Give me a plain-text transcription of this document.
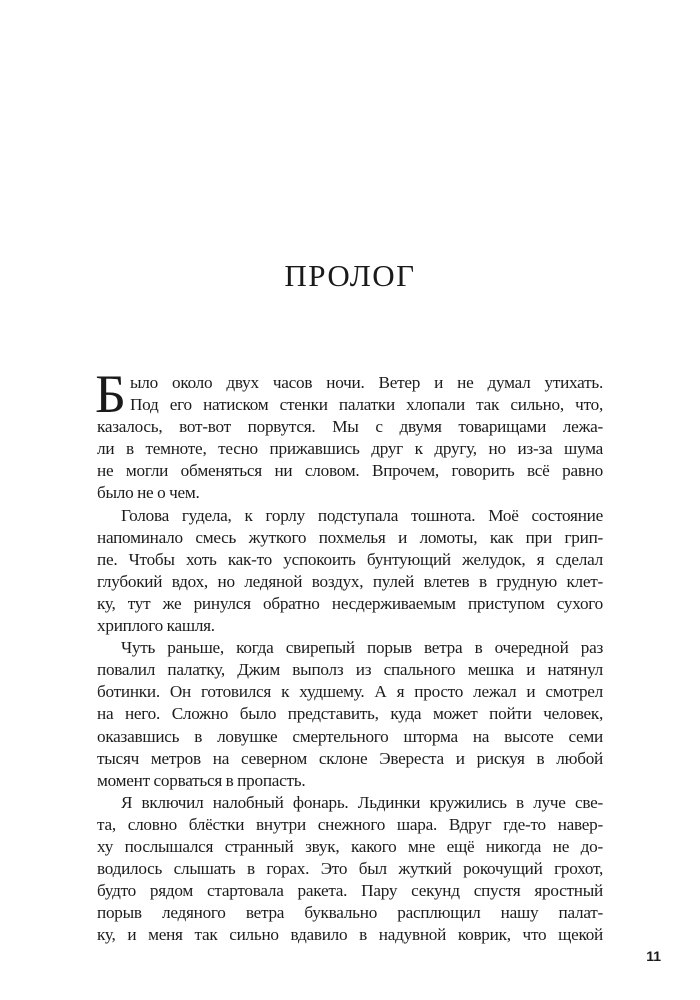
ПРОЛОГ
Б ыло около двух часов ночи. Ветер и не думал утихать.
Под его натиском стенки палатки хлопали так сильно, что,
казалось, вот-вот порвутся. Мы с двумя товарищами лежа-
ли в темноте, тесно прижавшись друг к другу, но из-за шума
не могли обменяться ни словом. Впрочем, говорить всё равно
было не о чем.
Голова гудела, к горлу подступала тошнота. Моё состояние
напоминало смесь жуткого похмелья и ломоты, как при грип-
пе. Чтобы хоть как-то успокоить бунтующий желудок, я сделал
глубокий вдох, но ледяной воздух, пулей влетев в грудную клет-
ку, тут же ринулся обратно несдерживаемым приступом сухого
хриплого кашля.
Чуть раньше, когда свирепый порыв ветра в очередной раз
повалил палатку, Джим выполз из спального мешка и натянул
ботинки. Он готовился к худшему. А я просто лежал и смотрел
на него. Сложно было представить, куда может пойти человек,
оказавшись в ловушке смертельного шторма на высоте семи
тысяч метров на северном склоне Эвереста и рискуя в любой
момент сорваться в пропасть.
Я включил налобный фонарь. Льдинки кружились в луче све-
та, словно блёстки внутри снежного шара. Вдруг где-то навер-
ху послышался странный звук, какого мне ещё никогда не до-
водилось слышать в горах. Это был жуткий рокочущий грохот,
будто рядом стартовала ракета. Пару секунд спустя яростный
порыв ледяного ветра буквально расплющил нашу палат-
ку, и меня так сильно вдавило в надувной коврик, что щекой
11
